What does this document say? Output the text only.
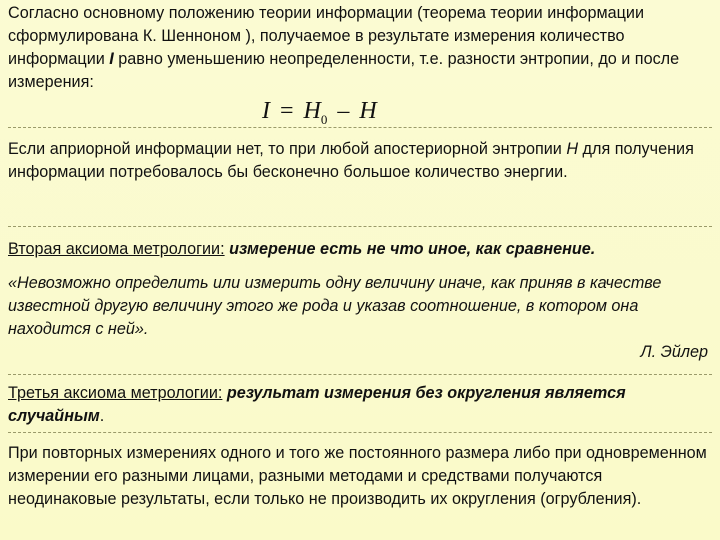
Согласно основному положению теории информации (теорема теории информации сформулирована К. Шенноном ), получаемое в результате измерения количество информации I равно уменьшению неопределенности, т.е. разности энтропии, до и после измерения:

$I = H_0 - H$

Если априорной информации нет, то при любой апостериорной энтропии H для получения информации потребовалось бы бесконечно большое количество энергии.

Вторая аксиома метрологии: измерение есть не что иное, как сравнение.

«Невозможно определить или измерить одну величину иначе, как приняв в качестве известной другую величину этого же рода и указав соотношение, в котором она находится с ней».

Л. Эйлер

Третья аксиома метрологии: результат измерения без округления является случайным.

При повторных измерениях одного и того же постоянного размера либо при одновременном измерении его разными лицами, разными методами и средствами получаются неодинаковые результаты, если только не производить их округления (огрубления).
